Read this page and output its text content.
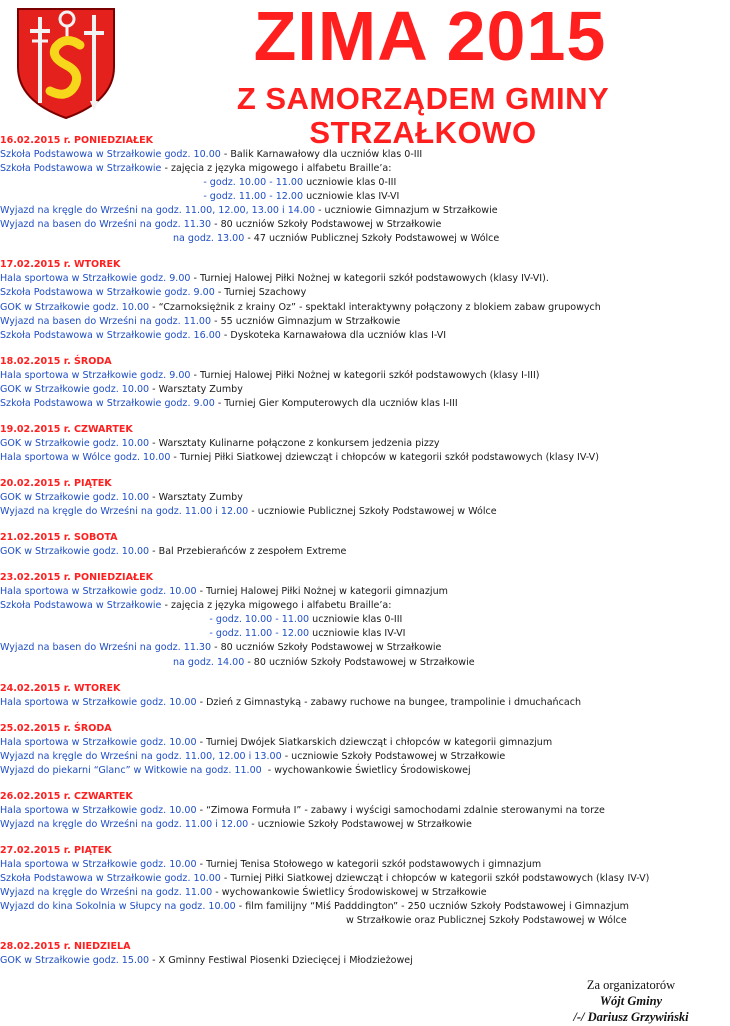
ZIMA 2015
Z SAMORZĄDEM GMINY STRZAŁKOWO
16.02.2015 r. PONIEDZIAŁEK
Szkoła Podstawowa w Strzałkowie godz. 10.00 - Balik Karnawałowy dla uczniów klas 0-III
Szkoła Podstawowa w Strzałkowie - zajęcia z języka migowego i alfabetu Braille’a:
- godz. 10.00 - 11.00 uczniowie klas 0-III
- godz. 11.00 - 12.00 uczniowie klas IV-VI
Wyjazd na kręgle do Wrześni na godz. 11.00, 12.00, 13.00 i 14.00 - uczniowie Gimnazjum w Strzałkowie
Wyjazd na basen do Wrześni na godz. 11.30 - 80 uczniów Szkoły Podstawowej w Strzałkowie
na godz. 13.00 - 47 uczniów Publicznej Szkoły Podstawowej w Wólce
17.02.2015 r. WTOREK
Hala sportowa w Strzałkowie godz. 9.00 - Turniej Halowej Piłki Nożnej w kategorii szkół podstawowych (klasy IV-VI).
Szkoła Podstawowa w Strzałkowie godz. 9.00 - Turniej Szachowy
GOK w Strzałkowie godz. 10.00 - “Czarnoksiężnik z krainy Oz” - spektakl interaktywny połączony z blokiem zabaw grupowych
Wyjazd na basen do Wrześni na godz. 11.00 - 55 uczniów Gimnazjum w Strzałkowie
Szkoła Podstawowa w Strzałkowie godz. 16.00 - Dyskoteka Karnawałowa dla uczniów klas I-VI
18.02.2015 r. ŚRODA
Hala sportowa w Strzałkowie godz. 9.00 - Turniej Halowej Piłki Nożnej w kategorii szkół podstawowych (klasy I-III)
GOK w Strzałkowie godz. 10.00 - Warsztaty Zumby
Szkoła Podstawowa w Strzałkowie godz. 9.00 - Turniej Gier Komputerowych dla uczniów klas I-III
19.02.2015 r. CZWARTEK
GOK w Strzałkowie godz. 10.00 - Warsztaty Kulinarne połączone z konkursem jedzenia pizzy
Hala sportowa w Wólce godz. 10.00 - Turniej Piłki Siatkowej dziewcząt i chłopców w kategorii szkół podstawowych (klasy IV-V)
20.02.2015 r. PIĄTEK
GOK w Strzałkowie godz. 10.00 - Warsztaty Zumby
Wyjazd na kręgle do Wrześni na godz. 11.00 i 12.00 - uczniowie Publicznej Szkoły Podstawowej w Wólce
21.02.2015 r. SOBOTA
GOK w Strzałkowie godz. 10.00 - Bal Przebierańców z zespołem Extreme
23.02.2015 r. PONIEDZIAŁEK
Hala sportowa w Strzałkowie godz. 10.00 - Turniej Halowej Piłki Nożnej w kategorii gimnazjum
Szkoła Podstawowa w Strzałkowie - zajęcia z języka migowego i alfabetu Braille’a:
- godz. 10.00 - 11.00 uczniowie klas 0-III
- godz. 11.00 - 12.00 uczniowie klas IV-VI
Wyjazd na basen do Wrześni na godz. 11.30 - 80 uczniów Szkoły Podstawowej w Strzałkowie
na godz. 14.00 - 80 uczniów Szkoły Podstawowej w Strzałkowie
24.02.2015 r. WTOREK
Hala sportowa w Strzałkowie godz. 10.00 - Dzień z Gimnastyką - zabawy ruchowe na bungee, trampolinie i dmuchańcach
25.02.2015 r. ŚRODA
Hala sportowa w Strzałkowie godz. 10.00 - Turniej Dwójek Siatkarskich dziewcząt i chłopców w kategorii gimnazjum
Wyjazd na kręgle do Wrześni na godz. 11.00, 12.00 i 13.00 - uczniowie Szkoły Podstawowej w Strzałkowie
Wyjazd do piekarni “Glanc” w Witkowie na godz. 11.00  - wychowankowie Świetlicy Środowiskowej
26.02.2015 r. CZWARTEK
Hala sportowa w Strzałkowie godz. 10.00 - “Zimowa Formuła I” - zabawy i wyścigi samochodami zdalnie sterowanymi na torze
Wyjazd na kręgle do Wrześni na godz. 11.00 i 12.00 - uczniowie Szkoły Podstawowej w Strzałkowie
27.02.2015 r. PIĄTEK
Hala sportowa w Strzałkowie godz. 10.00 - Turniej Tenisa Stołowego w kategorii szkół podstawowych i gimnazjum
Szkoła Podstawowa w Strzałkowie godz. 10.00 - Turniej Piłki Siatkowej dziewcząt i chłopców w kategorii szkół podstawowych (klasy IV-V)
Wyjazd na kręgle do Wrześni na godz. 11.00 - wychowankowie Świetlicy Środowiskowej w Strzałkowie
Wyjazd do kina Sokolnia w Słupcy na godz. 10.00 - film familijny “Miś Padddington” - 250 uczniów Szkoły Podstawowej i Gimnazjum
w Strzałkowie oraz Publicznej Szkoły Podstawowej w Wólce
28.02.2015 r. NIEDZIELA
GOK w Strzałkowie godz. 15.00 - X Gminny Festiwal Piosenki Dziecięcej i Młodzieżowej
Za organizatorów
Wójt Gminy
/-/ Dariusz Grzywiński
